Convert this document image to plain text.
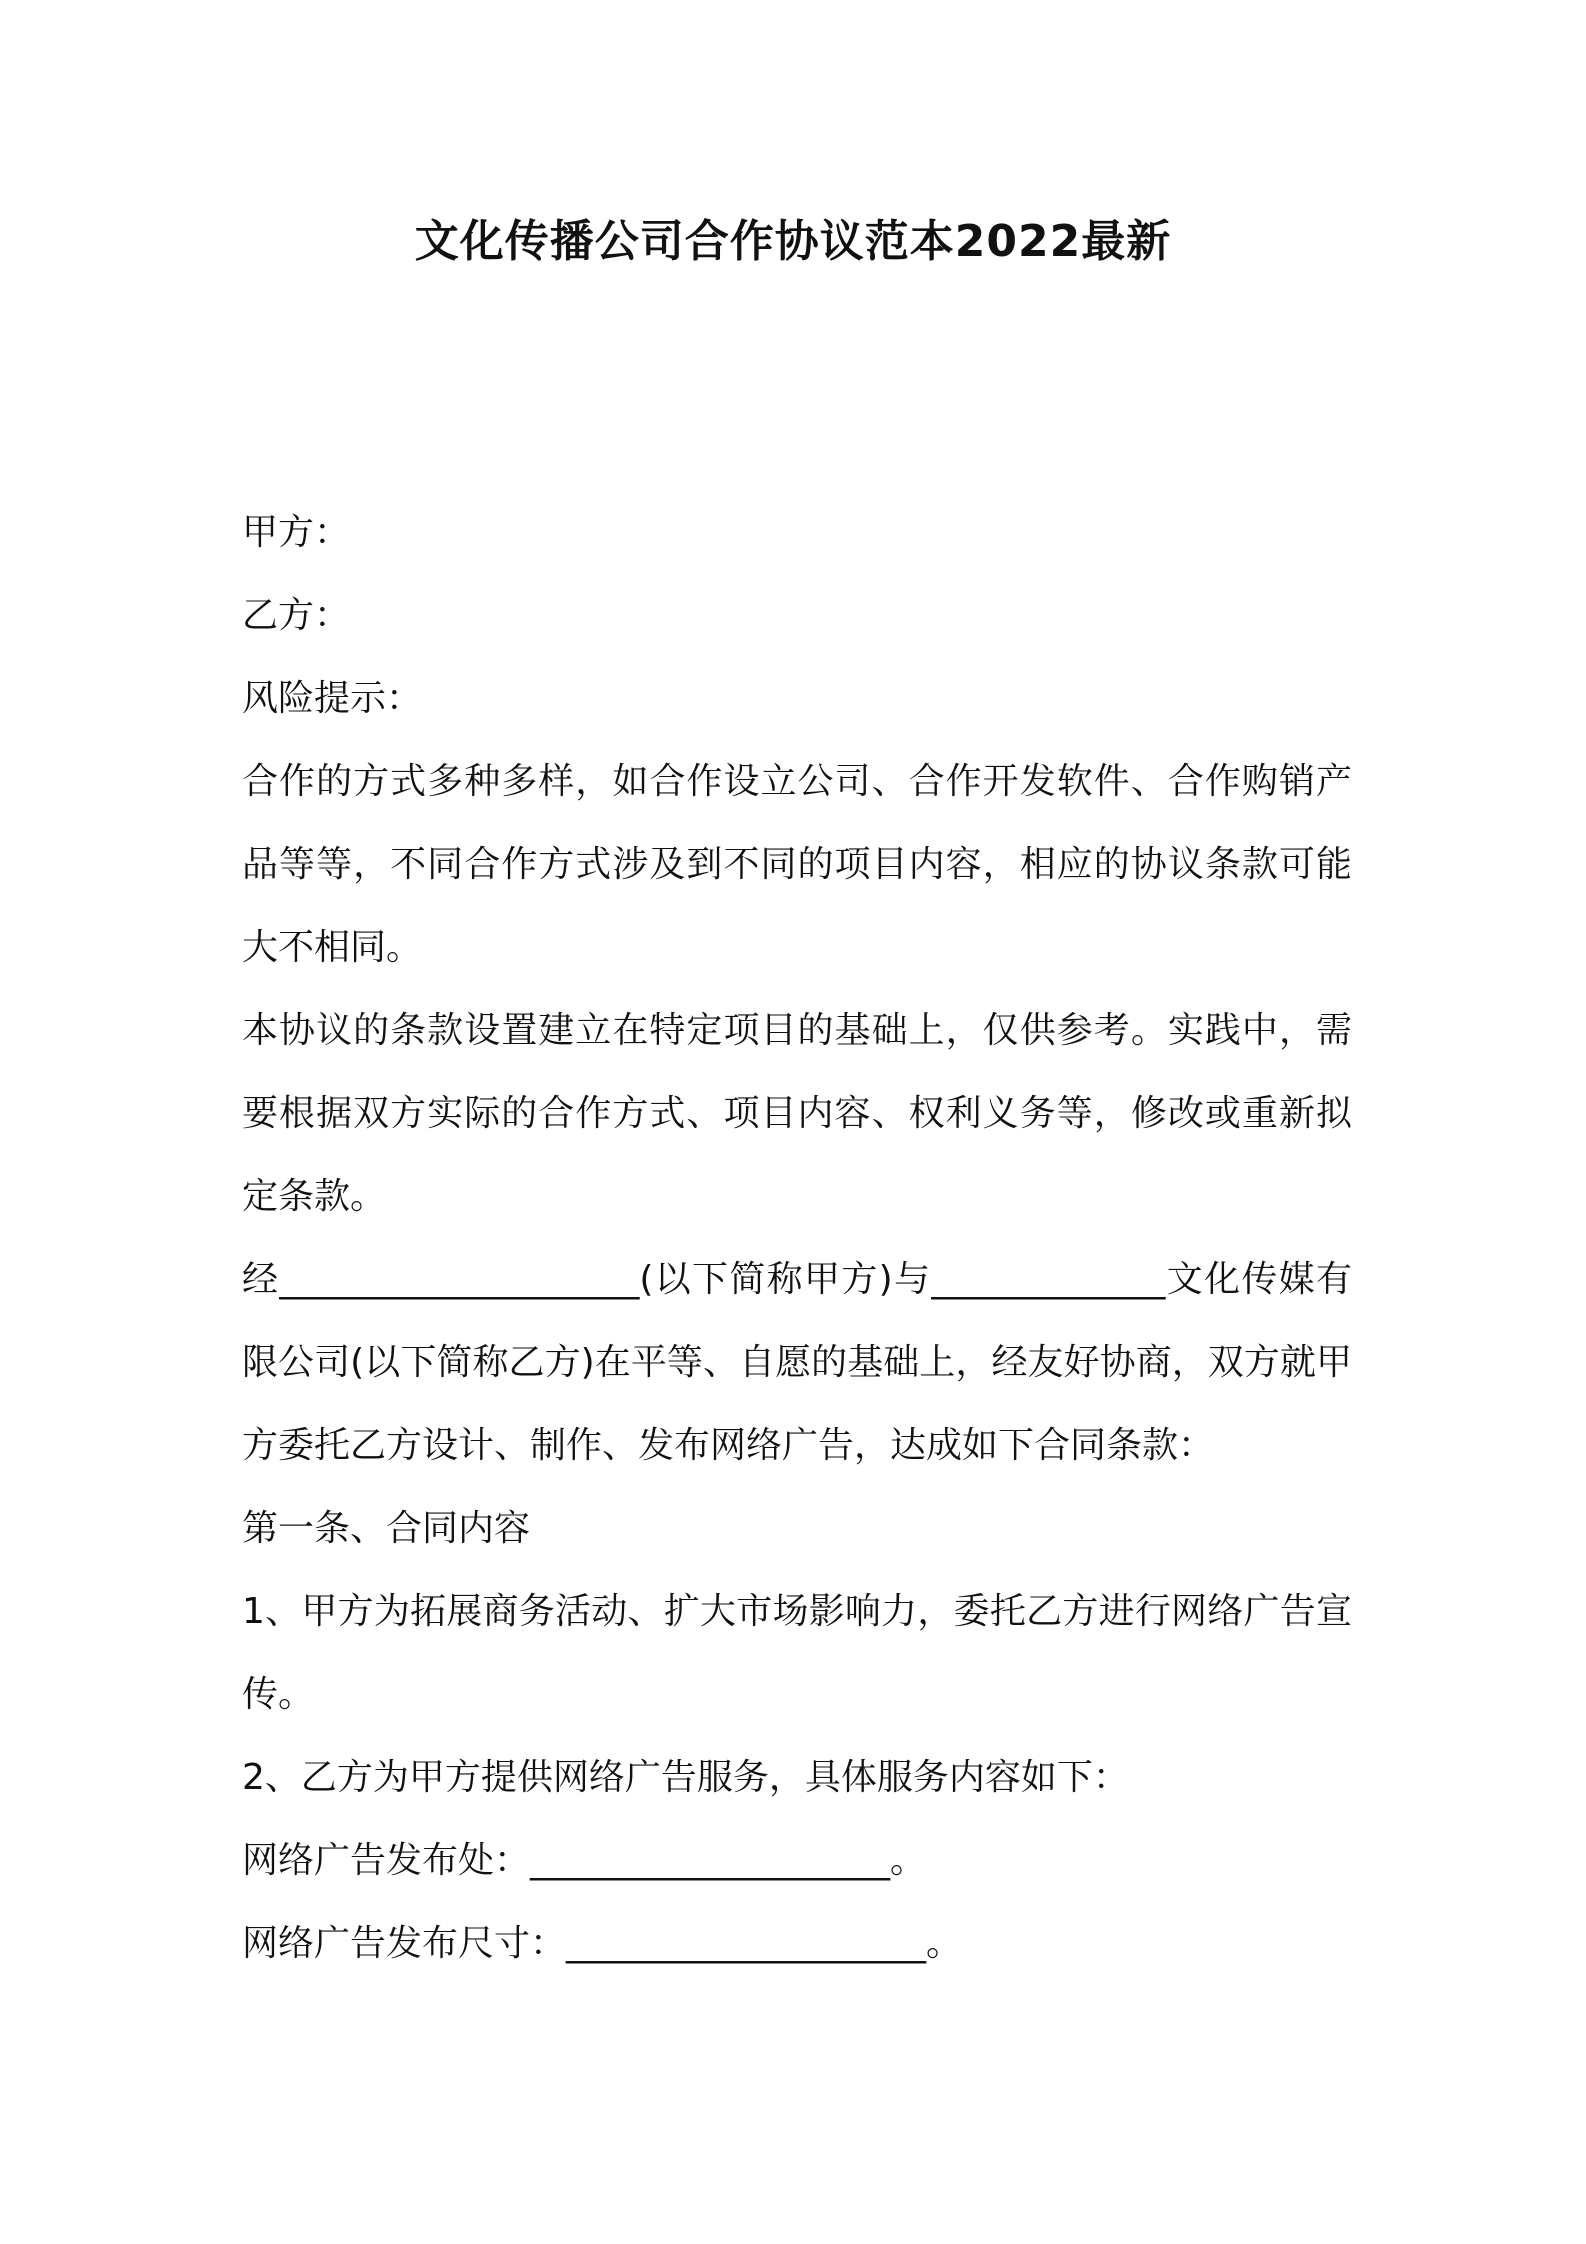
文化传播公司合作协议范本2022最新

甲方：

乙方：

风险提示：

合作的方式多种多样，如合作设立公司、合作开发软件、合作购销产品等等，不同合作方式涉及到不同的项目内容，相应的协议条款可能大不相同。

本协议的条款设置建立在特定项目的基础上，仅供参考。实践中，需要根据双方实际的合作方式、项目内容、权利义务等，修改或重新拟定条款。

经____________________(以下简称甲方)与_____________文化传媒有限公司(以下简称乙方)在平等、自愿的基础上，经友好协商，双方就甲方委托乙方设计、制作、发布网络广告，达成如下合同条款：

第一条、合同内容

1、甲方为拓展商务活动、扩大市场影响力，委托乙方进行网络广告宣传。

2、乙方为甲方提供网络广告服务，具体服务内容如下：

网络广告发布处：____________________。

网络广告发布尺寸：____________________。
